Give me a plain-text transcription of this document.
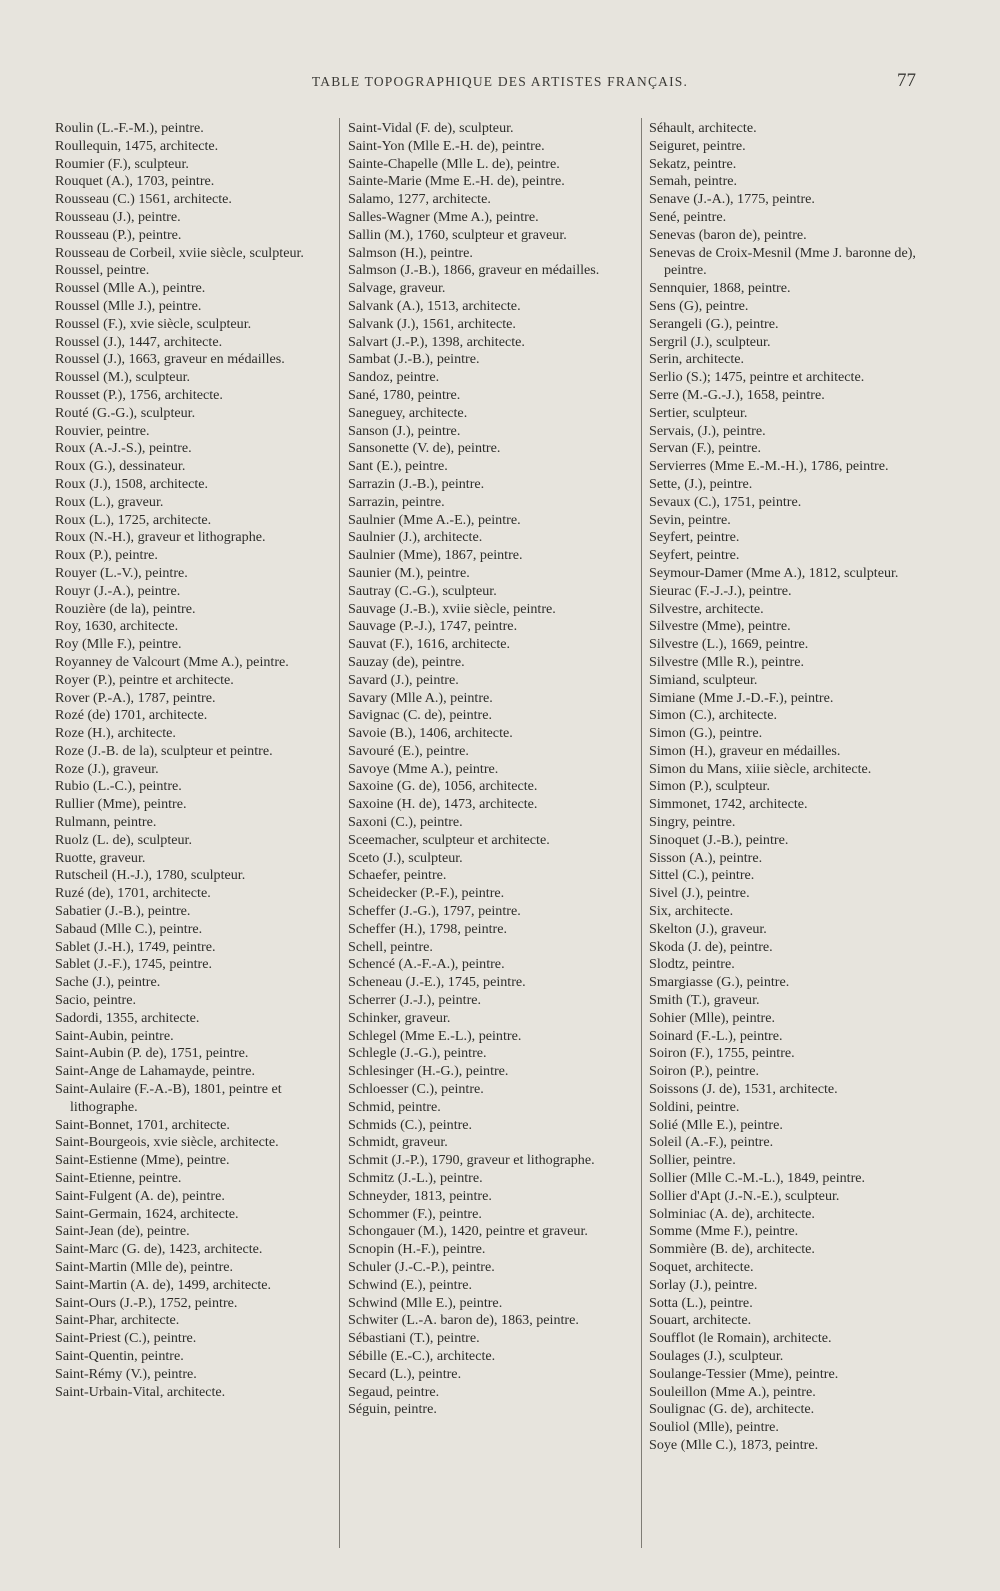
TABLE TOPOGRAPHIQUE DES ARTISTES FRANÇAIS.	77
Roulin (L.-F.-M.), peintre.
Roullequin, 1475, architecte.
Roumier (F.), sculpteur.
Rouquet (A.), 1703, peintre.
Rousseau (C.) 1561, architecte.
Rousseau (J.), peintre.
Rousseau (P.), peintre.
Rousseau de Corbeil, xviie siècle, sculpteur.
Roussel, peintre.
Roussel (Mlle A.), peintre.
Roussel (Mlle J.), peintre.
Roussel (F.), xvie siècle, sculpteur.
Roussel (J.), 1447, architecte.
Roussel (J.), 1663, graveur en médailles.
Roussel (M.), sculpteur.
Rousset (P.), 1756, architecte.
Routé (G.-G.), sculpteur.
Rouvier, peintre.
Roux (A.-J.-S.), peintre.
Roux (G.), dessinateur.
Roux (J.), 1508, architecte.
Roux (L.), graveur.
Roux (L.), 1725, architecte.
Roux (N.-H.), graveur et lithographe.
Roux (P.), peintre.
Rouyer (L.-V.), peintre.
Rouyr (J.-A.), peintre.
Rouzière (de la), peintre.
Roy, 1630, architecte.
Roy (Mlle F.), peintre.
Royanney de Valcourt (Mme A.), peintre.
Royer (P.), peintre et architecte.
Rover (P.-A.), 1787, peintre.
Rozé (de) 1701, architecte.
Roze (H.), architecte.
Roze (J.-B. de la), sculpteur et peintre.
Roze (J.), graveur.
Rubio (L.-C.), peintre.
Rullier (Mme), peintre.
Rulmann, peintre.
Ruolz (L. de), sculpteur.
Ruotte, graveur.
Rutscheil (H.-J.), 1780, sculpteur.
Ruzé (de), 1701, architecte.
Sabatier (J.-B.), peintre.
Sabaud (Mlle C.), peintre.
Sablet (J.-H.), 1749, peintre.
Sablet (J.-F.), 1745, peintre.
Sache (J.), peintre.
Sacio, peintre.
Sadordi, 1355, architecte.
Saint-Aubin, peintre.
Saint-Aubin (P. de), 1751, peintre.
Saint-Ange de Lahamayde, peintre.
Saint-Aulaire (F.-A.-B), 1801, peintre et lithographe.
Saint-Bonnet, 1701, architecte.
Saint-Bourgeois, xvie siècle, architecte.
Saint-Estienne (Mme), peintre.
Saint-Etienne, peintre.
Saint-Fulgent (A. de), peintre.
Saint-Germain, 1624, architecte.
Saint-Jean (de), peintre.
Saint-Marc (G. de), 1423, architecte.
Saint-Martin (Mlle de), peintre.
Saint-Martin (A. de), 1499, architecte.
Saint-Ours (J.-P.), 1752, peintre.
Saint-Phar, architecte.
Saint-Priest (C.), peintre.
Saint-Quentin, peintre.
Saint-Rémy (V.), peintre.
Saint-Urbain-Vital, architecte.
Saint-Vidal (F. de), sculpteur.
Saint-Yon (Mlle E.-H. de), peintre.
Sainte-Chapelle (Mlle L. de), peintre.
Sainte-Marie (Mme E.-H. de), peintre.
Salamo, 1277, architecte.
Salles-Wagner (Mme A.), peintre.
Sallin (M.), 1760, sculpteur et graveur.
Salmson (H.), peintre.
Salmson (J.-B.), 1866, graveur en médailles.
Salvage, graveur.
Salvank (A.), 1513, architecte.
Salvank (J.), 1561, architecte.
Salvart (J.-P.), 1398, architecte.
Sambat (J.-B.), peintre.
Sandoz, peintre.
Sané, 1780, peintre.
Saneguey, architecte.
Sanson (J.), peintre.
Sansonette (V. de), peintre.
Sant (E.), peintre.
Sarrazin (J.-B.), peintre.
Sarrazin, peintre.
Saulnier (Mme A.-E.), peintre.
Saulnier (J.), architecte.
Saulnier (Mme), 1867, peintre.
Saunier (M.), peintre.
Sautray (C.-G.), sculpteur.
Sauvage (J.-B.), xviie siècle, peintre.
Sauvage (P.-J.), 1747, peintre.
Sauvat (F.), 1616, architecte.
Sauzay (de), peintre.
Savard (J.), peintre.
Savary (Mlle A.), peintre.
Savignac (C. de), peintre.
Savoie (B.), 1406, architecte.
Savouré (E.), peintre.
Savoye (Mme A.), peintre.
Saxoine (G. de), 1056, architecte.
Saxoine (H. de), 1473, architecte.
Saxoni (C.), peintre.
Sceemacher, sculpteur et architecte.
Sceto (J.), sculpteur.
Schaefer, peintre.
Scheidecker (P.-F.), peintre.
Scheffer (J.-G.), 1797, peintre.
Scheffer (H.), 1798, peintre.
Schell, peintre.
Schencé (A.-F.-A.), peintre.
Scheneau (J.-E.), 1745, peintre.
Scherrer (J.-J.), peintre.
Schinker, graveur.
Schlegel (Mme E.-L.), peintre.
Schlegle (J.-G.), peintre.
Schlesinger (H.-G.), peintre.
Schloesser (C.), peintre.
Schmid, peintre.
Schmids (C.), peintre.
Schmidt, graveur.
Schmit (J.-P.), 1790, graveur et lithographe.
Schmitz (J.-L.), peintre.
Schneyder, 1813, peintre.
Schommer (F.), peintre.
Schongauer (M.), 1420, peintre et graveur.
Scnopin (H.-F.), peintre.
Schuler (J.-C.-P.), peintre.
Schwind (E.), peintre.
Schwind (Mlle E.), peintre.
Schwiter (L.-A. baron de), 1863, peintre.
Sébastiani (T.), peintre.
Sébille (E.-C.), architecte.
Secard (L.), peintre.
Segaud, peintre.
Séguin, peintre.
Séhault, architecte.
Seiguret, peintre.
Sekatz, peintre.
Semah, peintre.
Senave (J.-A.), 1775, peintre.
Sené, peintre.
Senevas (baron de), peintre.
Senevas de Croix-Mesnil (Mme J. baronne de), peintre.
Sennquier, 1868, peintre.
Sens (G), peintre.
Serangeli (G.), peintre.
Sergril (J.), sculpteur.
Serin, architecte.
Serlio (S.); 1475, peintre et architecte.
Serre (M.-G.-J.), 1658, peintre.
Sertier, sculpteur.
Servais, (J.), peintre.
Servan (F.), peintre.
Servierres (Mme E.-M.-H.), 1786, peintre.
Sette, (J.), peintre.
Sevaux (C.), 1751, peintre.
Sevin, peintre.
Seyfert, peintre.
Seyfert, peintre.
Seymour-Damer (Mme A.), 1812, sculpteur.
Sieurac (F.-J.-J.), peintre.
Silvestre, architecte.
Silvestre (Mme), peintre.
Silvestre (L.), 1669, peintre.
Silvestre (Mlle R.), peintre.
Simiand, sculpteur.
Simiane (Mme J.-D.-F.), peintre.
Simon (C.), architecte.
Simon (G.), peintre.
Simon (H.), graveur en médailles.
Simon du Mans, xiiie siècle, architecte.
Simon (P.), sculpteur.
Simmonet, 1742, architecte.
Singry, peintre.
Sinoquet (J.-B.), peintre.
Sisson (A.), peintre.
Sittel (C.), peintre.
Sivel (J.), peintre.
Six, architecte.
Skelton (J.), graveur.
Skoda (J. de), peintre.
Slodtz, peintre.
Smargiasse (G.), peintre.
Smith (T.), graveur.
Sohier (Mlle), peintre.
Soinard (F.-L.), peintre.
Soiron (F.), 1755, peintre.
Soiron (P.), peintre.
Soissons (J. de), 1531, architecte.
Soldini, peintre.
Solié (Mlle E.), peintre.
Soleil (A.-F.), peintre.
Sollier, peintre.
Sollier (Mlle C.-M.-L.), 1849, peintre.
Sollier d'Apt (J.-N.-E.), sculpteur.
Solminiac (A. de), architecte.
Somme (Mme F.), peintre.
Sommière (B. de), architecte.
Soquet, architecte.
Sorlay (J.), peintre.
Sotta (L.), peintre.
Souart, architecte.
Soufflot (le Romain), architecte.
Soulages (J.), sculpteur.
Soulange-Tessier (Mme), peintre.
Souleillon (Mme A.), peintre.
Soulignac (G. de), architecte.
Souliol (Mlle), peintre.
Soye (Mlle C.), 1873, peintre.
